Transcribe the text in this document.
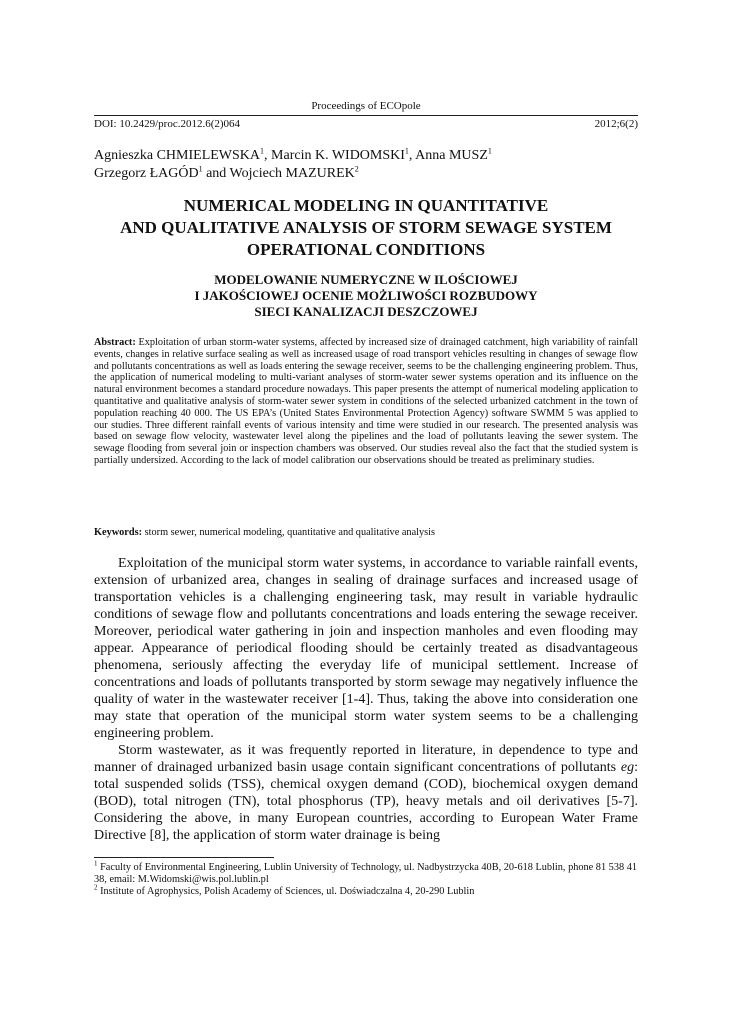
Proceedings of ECOpole
DOI: 10.2429/proc.2012.6(2)064	2012;6(2)
Agnieszka CHMIELEWSKA$^1$, Marcin K. WIDOMSKI$^1$, Anna MUSZ$^1$
Grzegorz ŁAGÓD$^1$ and Wojciech MAZUREK$^2$
NUMERICAL MODELING IN QUANTITATIVE
AND QUALITATIVE ANALYSIS OF STORM SEWAGE SYSTEM
OPERATIONAL CONDITIONS
MODELOWANIE NUMERYCZNE W ILOŚCIOWEJ
I JAKOŚCIOWEJ OCENIE MOŻLIWOŚCI ROZBUDOWY
SIECI KANALIZACJI DESZCZOWEJ
Abstract: Exploitation of urban storm-water systems, affected by increased size of drainaged catchment, high variability of rainfall events, changes in relative surface sealing as well as increased usage of road transport vehicles resulting in changes of sewage flow and pollutants concentrations as well as loads entering the sewage receiver, seems to be the challenging engineering problem. Thus, the application of numerical modeling to multi-variant analyses of storm-water sewer systems operation and its influence on the natural environment becomes a standard procedure nowadays. This paper presents the attempt of numerical modeling application to quantitative and qualitative analysis of storm-water sewer system in conditions of the selected urbanized catchment in the town of population reaching 40 000. The US EPA’s (United States Environmental Protection Agency) software SWMM 5 was applied to our studies. Three different rainfall events of various intensity and time were studied in our research. The presented analysis was based on sewage flow velocity, wastewater level along the pipelines and the load of pollutants leaving the sewer system. The sewage flooding from several join or inspection chambers was observed. Our studies reveal also the fact that the studied system is partially undersized. According to the lack of model calibration our observations should be treated as preliminary studies.
Keywords: storm sewer, numerical modeling, quantitative and qualitative analysis

Exploitation of the municipal storm water systems, in accordance to variable rainfall events, extension of urbanized area, changes in sealing of drainage surfaces and increased usage of transportation vehicles is a challenging engineering task, may result in variable hydraulic conditions of sewage flow and pollutants concentrations and loads entering the sewage receiver. Moreover, periodical water gathering in join and inspection manholes and even flooding may appear. Appearance of periodical flooding should be certainly treated as disadvantageous phenomena, seriously affecting the everyday life of municipal settlement. Increase of concentrations and loads of pollutants transported by storm sewage may negatively influence the quality of water in the wastewater receiver [1-4]. Thus, taking the above into consideration one may state that operation of the municipal storm water system seems to be a challenging engineering problem.

Storm wastewater, as it was frequently reported in literature, in dependence to type and manner of drainaged urbanized basin usage contain significant concentrations of pollutants eg: total suspended solids (TSS), chemical oxygen demand (COD), biochemical oxygen demand (BOD), total nitrogen (TN), total phosphorus (TP), heavy metals and oil derivatives [5-7]. Considering the above, in many European countries, according to European Water Frame Directive [8], the application of storm water drainage is being

$^1$ Faculty of Environmental Engineering, Lublin University of Technology, ul. Nadbystrzycka 40B, 20-618 Lublin, phone 81 538 41 38, email: M.Widomski@wis.pol.lublin.pl
$^2$ Institute of Agrophysics, Polish Academy of Sciences, ul. Doświadczalna 4, 20-290 Lublin
